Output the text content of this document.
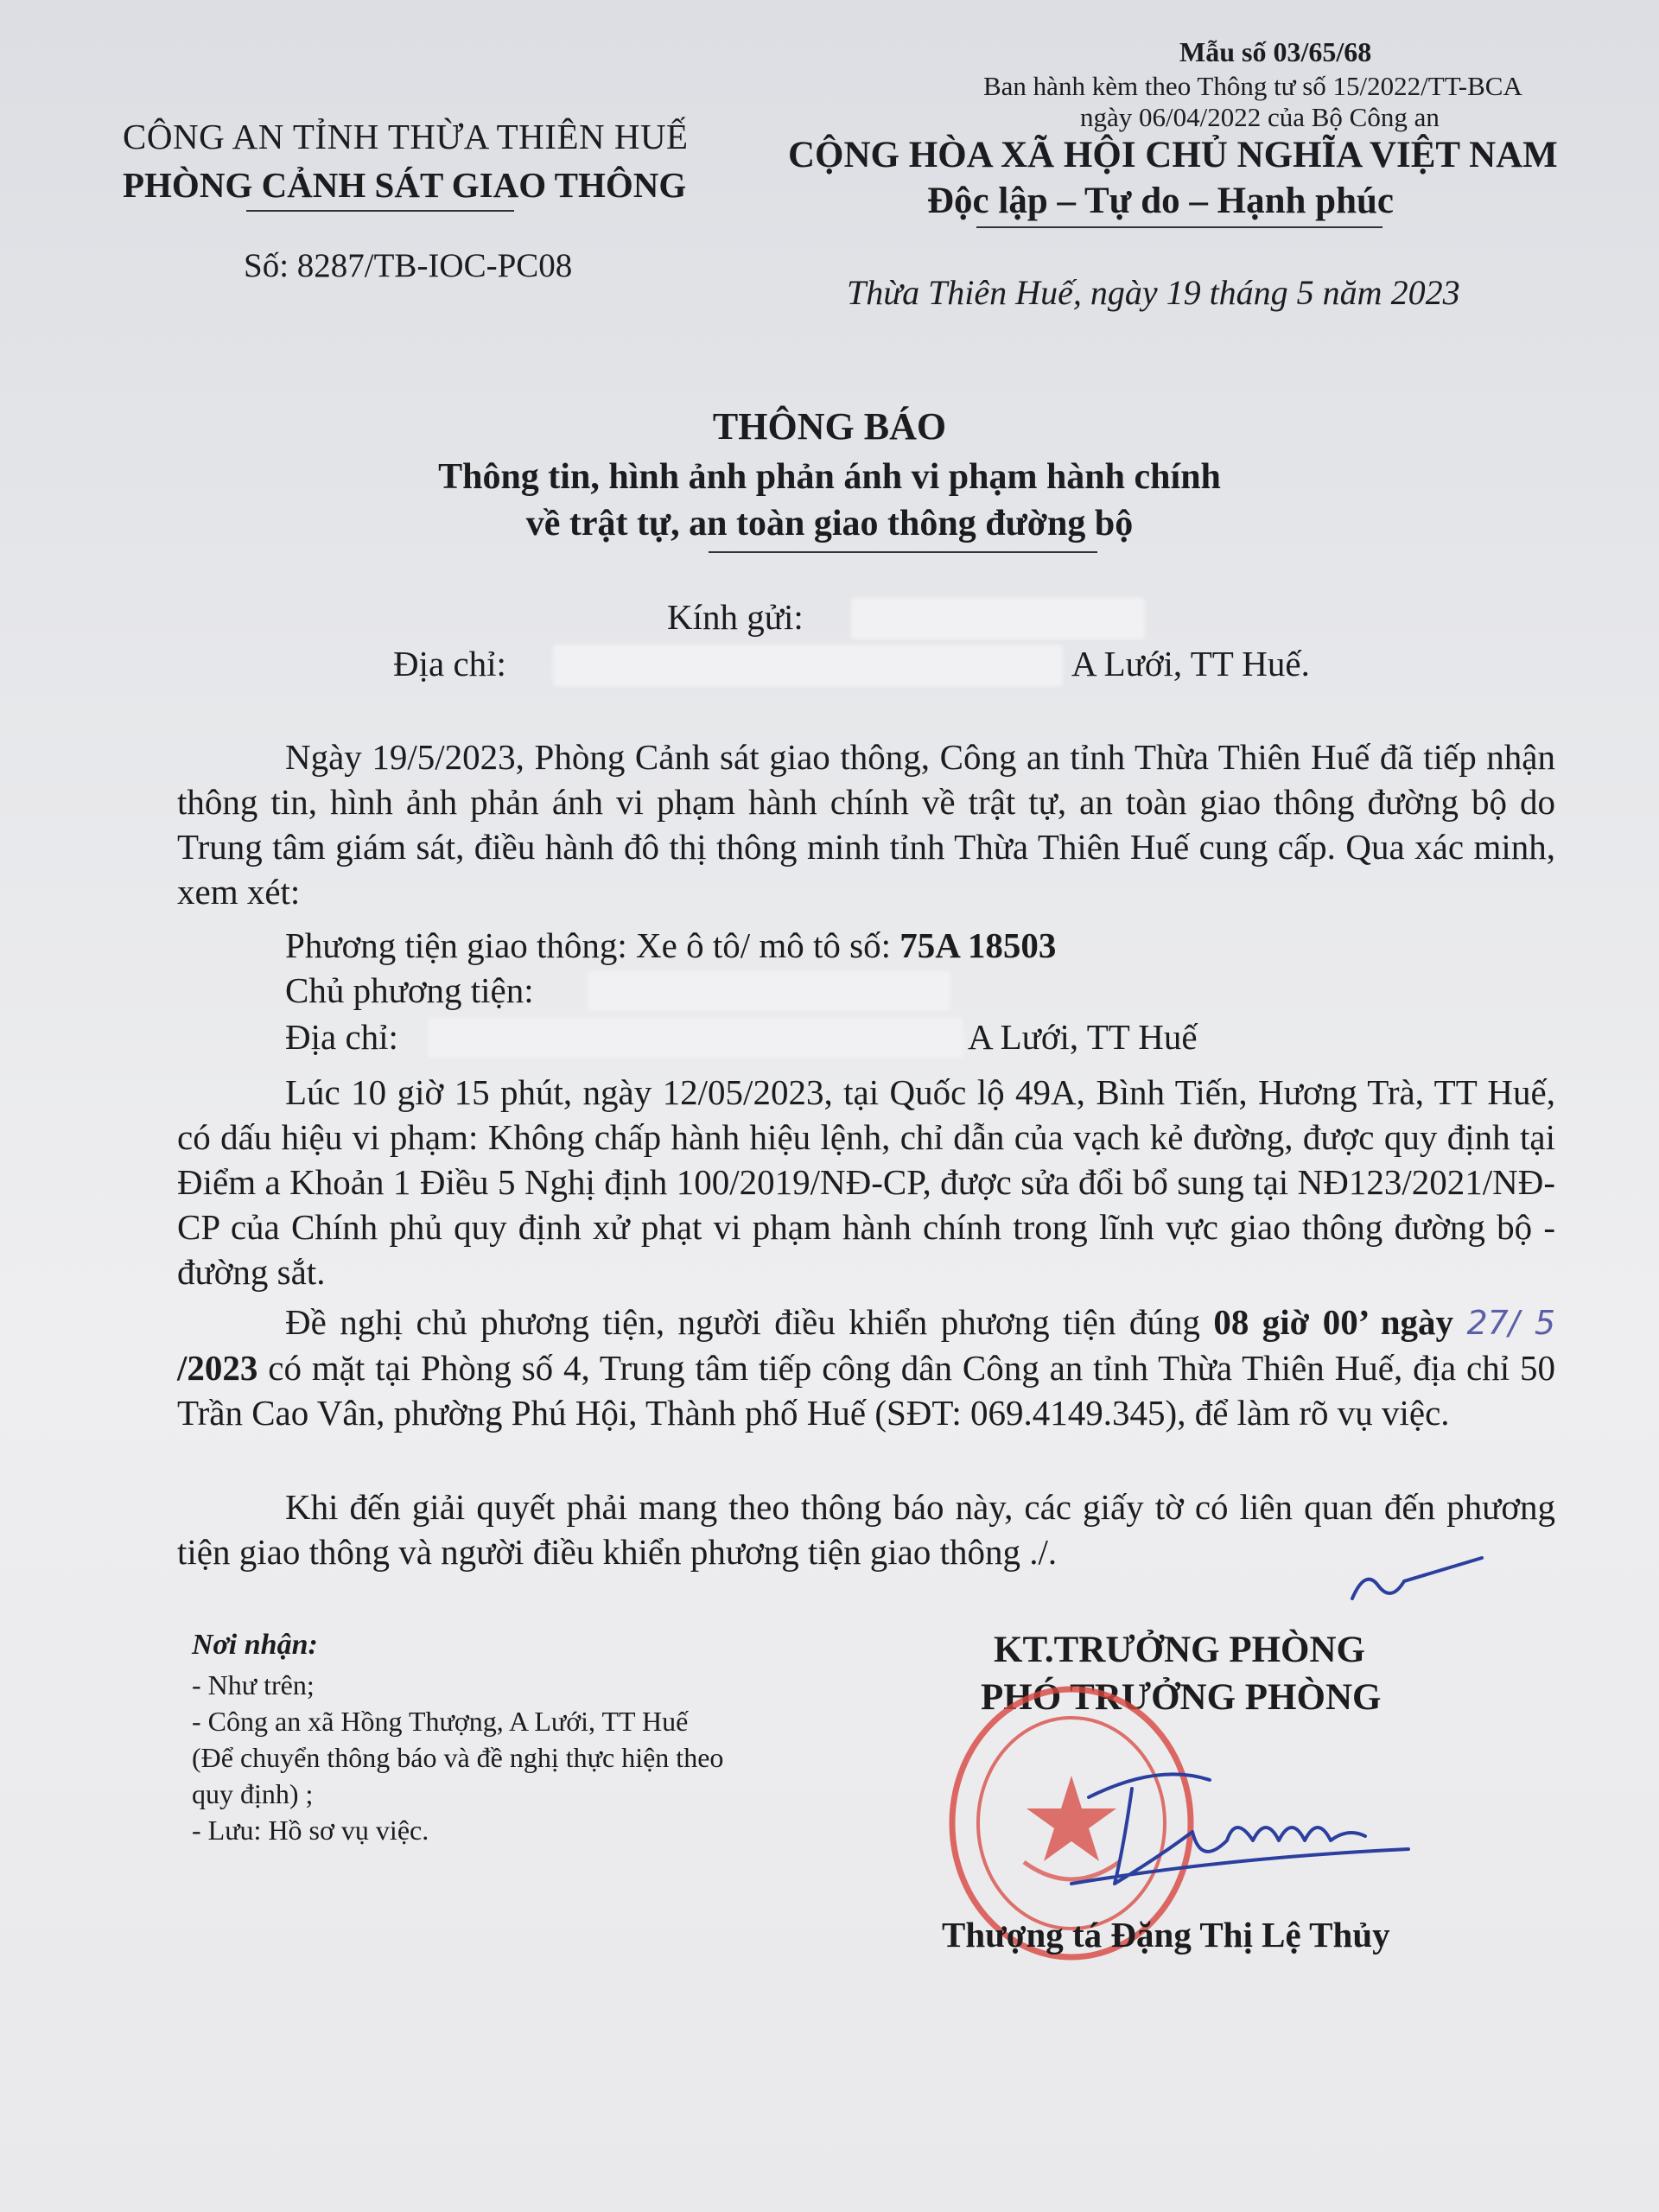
Mẫu số 03/65/68
Ban hành kèm theo Thông tư số 15/2022/TT-BCA
ngày 06/04/2022 của Bộ Công an
CÔNG AN TỈNH THỪA THIÊN HUẾ
PHÒNG CẢNH SÁT GIAO THÔNG
Số: 8287/TB-IOC-PC08
CỘNG HÒA XÃ HỘI CHỦ NGHĨA VIỆT NAM
Độc lập – Tự do – Hạnh phúc
Thừa Thiên Huế, ngày 19 tháng 5 năm 2023
THÔNG BÁO
Thông tin, hình ảnh phản ánh vi phạm hành chính
về trật tự, an toàn giao thông đường bộ
Kính gửi:
Địa chỉ:	A Lưới, TT Huế.
Ngày 19/5/2023, Phòng Cảnh sát giao thông, Công an tỉnh Thừa Thiên Huế đã tiếp nhận thông tin, hình ảnh phản ánh vi phạm hành chính về trật tự, an toàn giao thông đường bộ do Trung tâm giám sát, điều hành đô thị thông minh tỉnh Thừa Thiên Huế cung cấp. Qua xác minh, xem xét:
Phương tiện giao thông: Xe ô tô/ mô tô số: 75A 18503
Chủ phương tiện:
Địa chỉ:	A Lưới, TT Huế
Lúc 10 giờ 15 phút, ngày 12/05/2023, tại Quốc lộ 49A, Bình Tiến, Hương Trà, TT Huế, có dấu hiệu vi phạm: Không chấp hành hiệu lệnh, chỉ dẫn của vạch kẻ đường, được quy định tại Điểm a Khoản 1 Điều 5 Nghị định 100/2019/NĐ-CP, được sửa đổi bổ sung tại NĐ123/2021/NĐ-CP của Chính phủ quy định xử phạt vi phạm hành chính trong lĩnh vực giao thông đường bộ - đường sắt.
Đề nghị chủ phương tiện, người điều khiển phương tiện đúng 08 giờ 00’ ngày 27/ 5 /2023 có mặt tại Phòng số 4, Trung tâm tiếp công dân Công an tỉnh Thừa Thiên Huế, địa chỉ 50 Trần Cao Vân, phường Phú Hội, Thành phố Huế (SĐT: 069.4149.345), để làm rõ vụ việc.
Khi đến giải quyết phải mang theo thông báo này, các giấy tờ có liên quan đến phương tiện giao thông và người điều khiển phương tiện giao thông ./.
Nơi nhận:
- Như trên;
- Công an xã Hồng Thượng, A Lưới, TT Huế
(Để chuyển thông báo và đề nghị thực hiện theo
quy định) ;
- Lưu: Hồ sơ vụ việc.
KT.TRƯỞNG PHÒNG
PHÓ TRƯỞNG PHÒNG
Thượng tá Đặng Thị Lệ Thủy
